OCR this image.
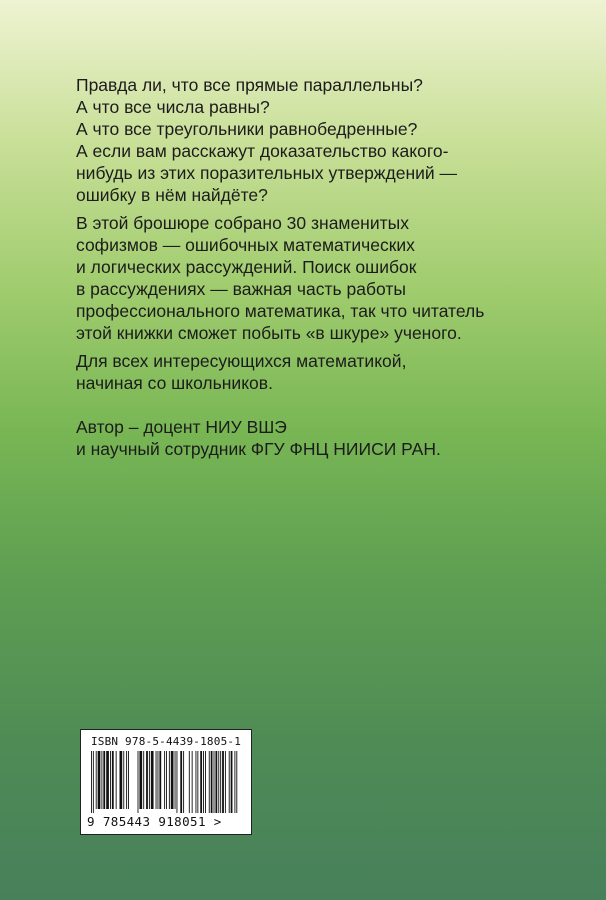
Правда ли, что все прямые параллельны?
А что все числа равны?
А что все треугольники равнобедренные?
А если вам расскажут доказательство какого-
нибудь из этих поразительных утверждений —
ошибку в нём найдёте?
В этой брошюре собрано 30 знаменитых
софизмов — ошибочных математических
и логических рассуждений. Поиск ошибок
в рассуждениях — важная часть работы
профессионального математика, так что читатель
этой книжки сможет побыть «в шкуре» ученого.
Для всех интересующихся математикой,
начиная со школьников.
Автор – доцент НИУ ВШЭ
и научный сотрудник ФГУ ФНЦ НИИСИ РАН.
ISBN 978-5-4439-1805-1
9 785443 918051 >
